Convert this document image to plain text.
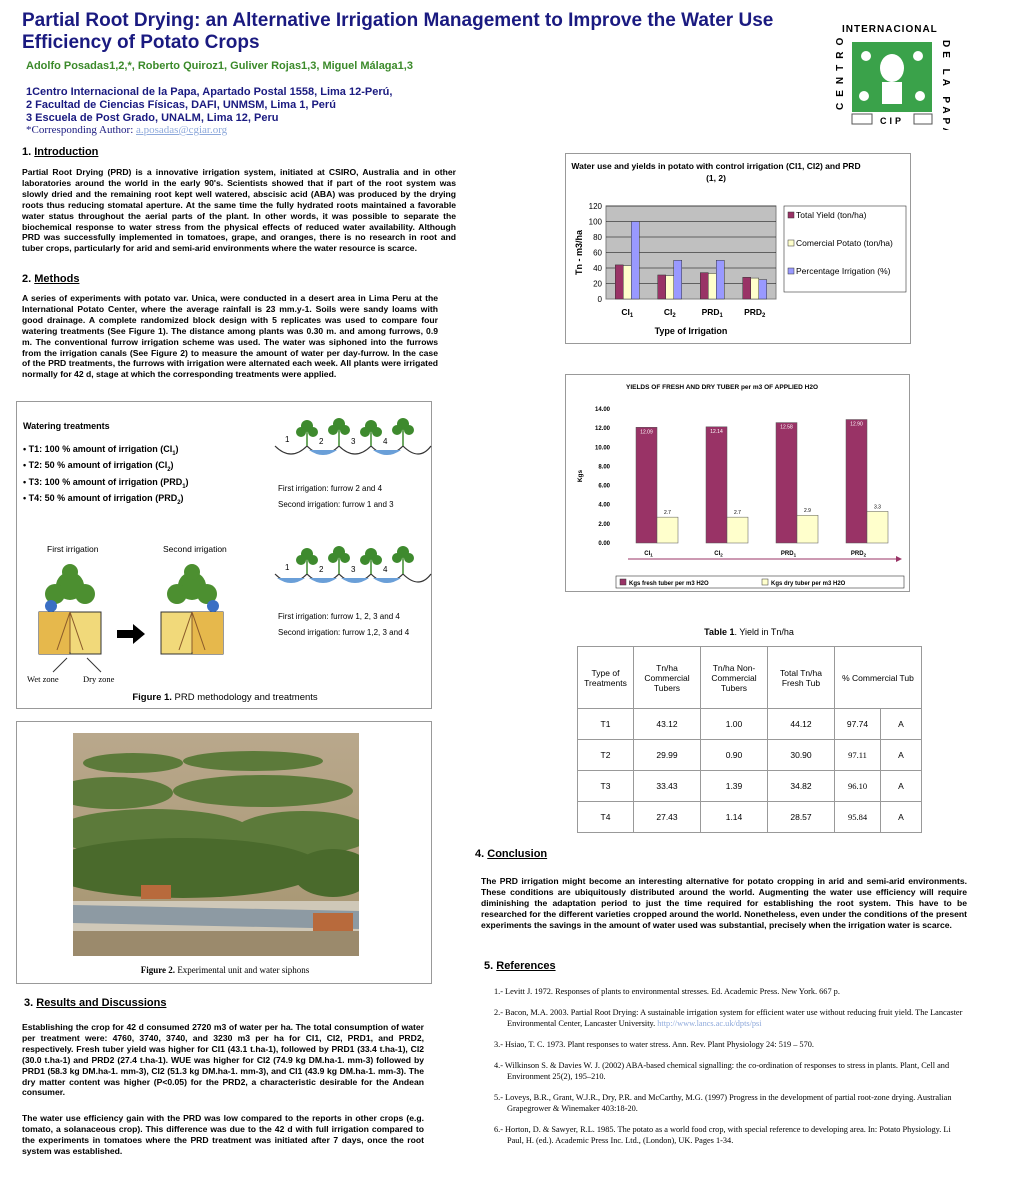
Partial Root Drying: an Alternative Irrigation Management to Improve the Water Use Efficiency of Potato Crops
Adolfo Posadas1,2,*, Roberto Quiroz1, Guliver Rojas1,3, Miguel Málaga1,3
1Centro Internacional de la Papa, Apartado Postal 1558, Lima 12-Perú,
2 Facultad de Ciencias Físicas, DAFI, UNMSM, Lima 1, Perú
3 Escuela de Post Grado, UNALM, Lima 12, Peru
*Corresponding Author: a.posadas@cgiar.org
INTERNACIONAL
CENTRO	DE LA PAPA
CIP
1. Introduction
Partial Root Drying (PRD) is a innovative irrigation system, initiated at CSIRO, Australia and in other laboratories around the world in the early 90's. Scientists showed that if part of the root system was slowly dried and the remaining root kept well watered, abscisic acid (ABA) was produced by the drying roots thus reducing stomatal aperture. At the same time the fully hydrated roots maintained a favorable water status throughout the aerial parts of the plant. In other words, it was possible to separate the biochemical response to water stress from the physical effects of reduced water availability. Although PRD was successfully implemented in tomatoes, grape, and oranges, there is no research in root and tuber crops, particularly for arid and semi-arid environments where the water resource is scarce.
2. Methods
A series of experiments with potato var. Unica, were conducted in a desert area in Lima Peru at the International Potato Center, where the average rainfall is 23 mm.y-1. Soils were sandy loams with good drainage. A complete randomized block design with 5 replicates was used to compare four watering treatments (See Figure 1). The distance among plants was 0.30 m. and among furrows, 0.9 m. The conventional furrow irrigation scheme was used. The water was siphoned into the furrows from the irrigation canals (See Figure 2) to measure the amount of water per day-furrow. In the case of the PRD treatments, the furrows with irrigation were alternated each week. All plants were irrigated normally for 42 d, stage at which the corresponding treatments were applied.
Watering treatments
• T1: 100 % amount of irrigation $(CI_1)$
• T2: 50 % amount of irrigation $(CI_2)$
• T3: 100 % amount of irrigation $(PRD_1)$
• T4: 50 % amount of irrigation $(PRD_2)$
1	2	3	4
First irrigation: furrow 2 and 4
Second irrigation: furrow 1 and 3
First irrigation	Second irrigation
Wet zone	Dry zone
1	2	3	4
First irrigation: furrow 1, 2, 3 and 4
Second irrigation: furrow 1,2, 3 and 4
Figure 1. PRD methodology and treatments
Figure 2. Experimental unit and water siphons
3. Results and Discussions
Establishing the crop for 42 d consumed 2720 m3 of water per ha. The total consumption of water per treatment were: 4760, 3740, 3740, and 3230 m3 per ha for CI1, CI2, PRD1, and PRD2, respectively. Fresh tuber yield was higher for CI1 (43.1 t.ha-1), followed by PRD1 (33.4 t.ha-1), CI2 (30.0 t.ha-1) and PRD2 (27.4 t.ha-1). WUE was higher for CI2 (74.9 kg DM.ha-1. mm-3) followed by PRD1 (58.3 kg DM.ha-1. mm-3), CI2 (51.3 kg DM.ha-1. mm-3), and CI1 (43.9 kg DM.ha-1. mm-3). The dry matter content was higher (P<0.05) for the PRD2, a characteristic desirable for the Andean consumer.
The water use efficiency gain with the PRD was low compared to the reports in other crops (e.g. tomato, a solanaceous crop). This difference was due to the 42 d with full irrigation compared to the experiments in tomatoes where the PRD treatment was initiated after 7 days, once the root system was established.
Water use and yields in potato with control irrigation (CI1, CI2) and PRD (1, 2)
0
20
40
60
80
100
120
$CI_1$	$CI_2$	$PRD_1$ $PRD_2$
Type of Irrigation
Tn - m3/ha
Total Yield (ton/ha)
Comercial Potato (ton/ha)
Percentage Irrigation (%)
YIELDS OF FRESH AND DRY TUBER per m3 OF APPLIED H2O
0.00
2.00
4.00
6.00
8.00
10.00
12.00
14.00
Kgs
12.09
2.7
$CI_1$
12.14
2.7
$CI_2$
12.58
2.9
$PRD_1$
12.90
3.3
$PRD_2$
Kgs fresh tuber per m3 H2O	Kgs dry tuber per m3 H2O
Table 1. Yield in Tn/ha
Type of Treatments	Tn/ha Commercial Tubers	Tn/ha Non-Commercial Tubers	Total Tn/ha Fresh Tub	% Commercial Tub	
T1	43.12	1.00	44.12	97.74	A
T2	29.99	0.90	30.90	97.11	A
T3	33.43	1.39	34.82	96.10	A
T4	27.43	1.14	28.57	95.84	A
4. Conclusion
The PRD irrigation might become an interesting alternative for potato cropping in arid and semi-arid environments. These conditions are ubiquitously distributed around the world. Augmenting the water use efficiency will require diminishing the adaptation period to just the time required for establishing the root system. This have to be researched for the different varieties cropped around the world. Nonetheless, even under the conditions of the present experiments the savings in the amount of water used was substantial, precisely when the irrigation water is scarce.
5. References

1.- Levitt J. 1972. Responses of plants to environmental stresses. Ed. Academic Press. New York. 667 p.

2.- Bacon, M.A. 2003. Partial Root Drying: A sustainable irrigation system for efficient water use without reducing fruit yield. The Lancaster Environmental Center, Lancaster University. http://www.lancs.ac.uk/dpts/psi

3.- Hsiao, T. C. 1973. Plant responses to water stress. Ann. Rev. Plant Physiology 24: 519 – 570.

4.- Wilkinson S. & Davies W. J. (2002) ABA-based chemical signalling: the co-ordination of responses to stress in plants. Plant, Cell and Environment 25(2), 195–210.

5.- Loveys, B.R., Grant, W.J.R., Dry, P.R. and McCarthy, M.G. (1997) Progress in the development of partial root-zone drying. Australian Grapegrower & Winemaker 403:18-20.

6.- Horton, D. & Sawyer, R.L. 1985. The potato as a world food crop, with special reference to developing area. In: Potato Physiology. Li Paul, H. (ed.). Academic Press Inc. Ltd., (London), UK. Pages 1-34.
